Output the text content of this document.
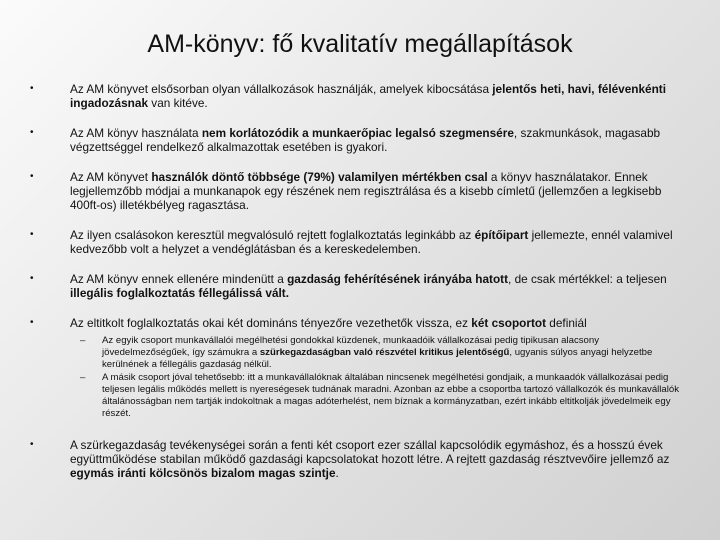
AM-könyv: fő kvalitatív megállapítások
•	Az AM könyvet elsősorban olyan vállalkozások használják, amelyek kibocsátása jelentős heti, havi, félévenkénti ingadozásnak van kitéve.
•	Az AM könyv használata nem korlátozódik a munkaerőpiac legalsó szegmensére, szakmunkások, magasabb végzettséggel rendelkező alkalmazottak esetében is gyakori.
•	Az AM könyvet használók döntő többsége (79%) valamilyen mértékben csal a könyv használatakor. Ennek legjellemzőbb módjai a munkanapok egy részének nem regisztrálása és a kisebb címletű (jellemzően a legkisebb 400ft-os) illetékbélyeg ragasztása.
•	Az ilyen csalásokon keresztül megvalósuló rejtett foglalkoztatás leginkább az építőipart jellemezte, ennél valamivel kedvezőbb volt a helyzet a vendéglátásban és a kereskedelemben.
•	Az AM könyv ennek ellenére mindenütt a gazdaság fehérítésének irányába hatott, de csak mértékkel: a teljesen illegális foglalkoztatás féllegálissá vált.
•	Az eltitkolt foglalkoztatás okai két domináns tényezőre vezethetők vissza, ez két csoportot definiál
– Az egyik csoport munkavállalói megélhetési gondokkal küzdenek, munkaadóik vállalkozásai pedig tipikusan alacsony jövedelmezőségűek, így számukra a szürkegazdaságban való részvétel kritikus jelentőségű, ugyanis súlyos anyagi helyzetbe kerülnének a féllegális gazdaság nélkül.
– A másik csoport jóval tehetősebb: itt a munkavállalóknak általában nincsenek megélhetési gondjaik, a munkaadók vállalkozásai pedig teljesen legális működés mellett is nyereségesek tudnának maradni. Azonban az ebbe a csoportba tartozó vállalkozók és munkavállalók általánosságban nem tartják indokoltnak a magas adóterhelést, nem bíznak a kormányzatban, ezért inkább eltitkolják jövedelmeik egy részét.
•	A szürkegazdaság tevékenységei során a fenti két csoport ezer szállal kapcsolódik egymáshoz, és a hosszú évek együttműködése stabilan működő gazdasági kapcsolatokat hozott létre. A rejtett gazdaság résztvevőire jellemző az egymás iránti kölcsönös bizalom magas szintje.
